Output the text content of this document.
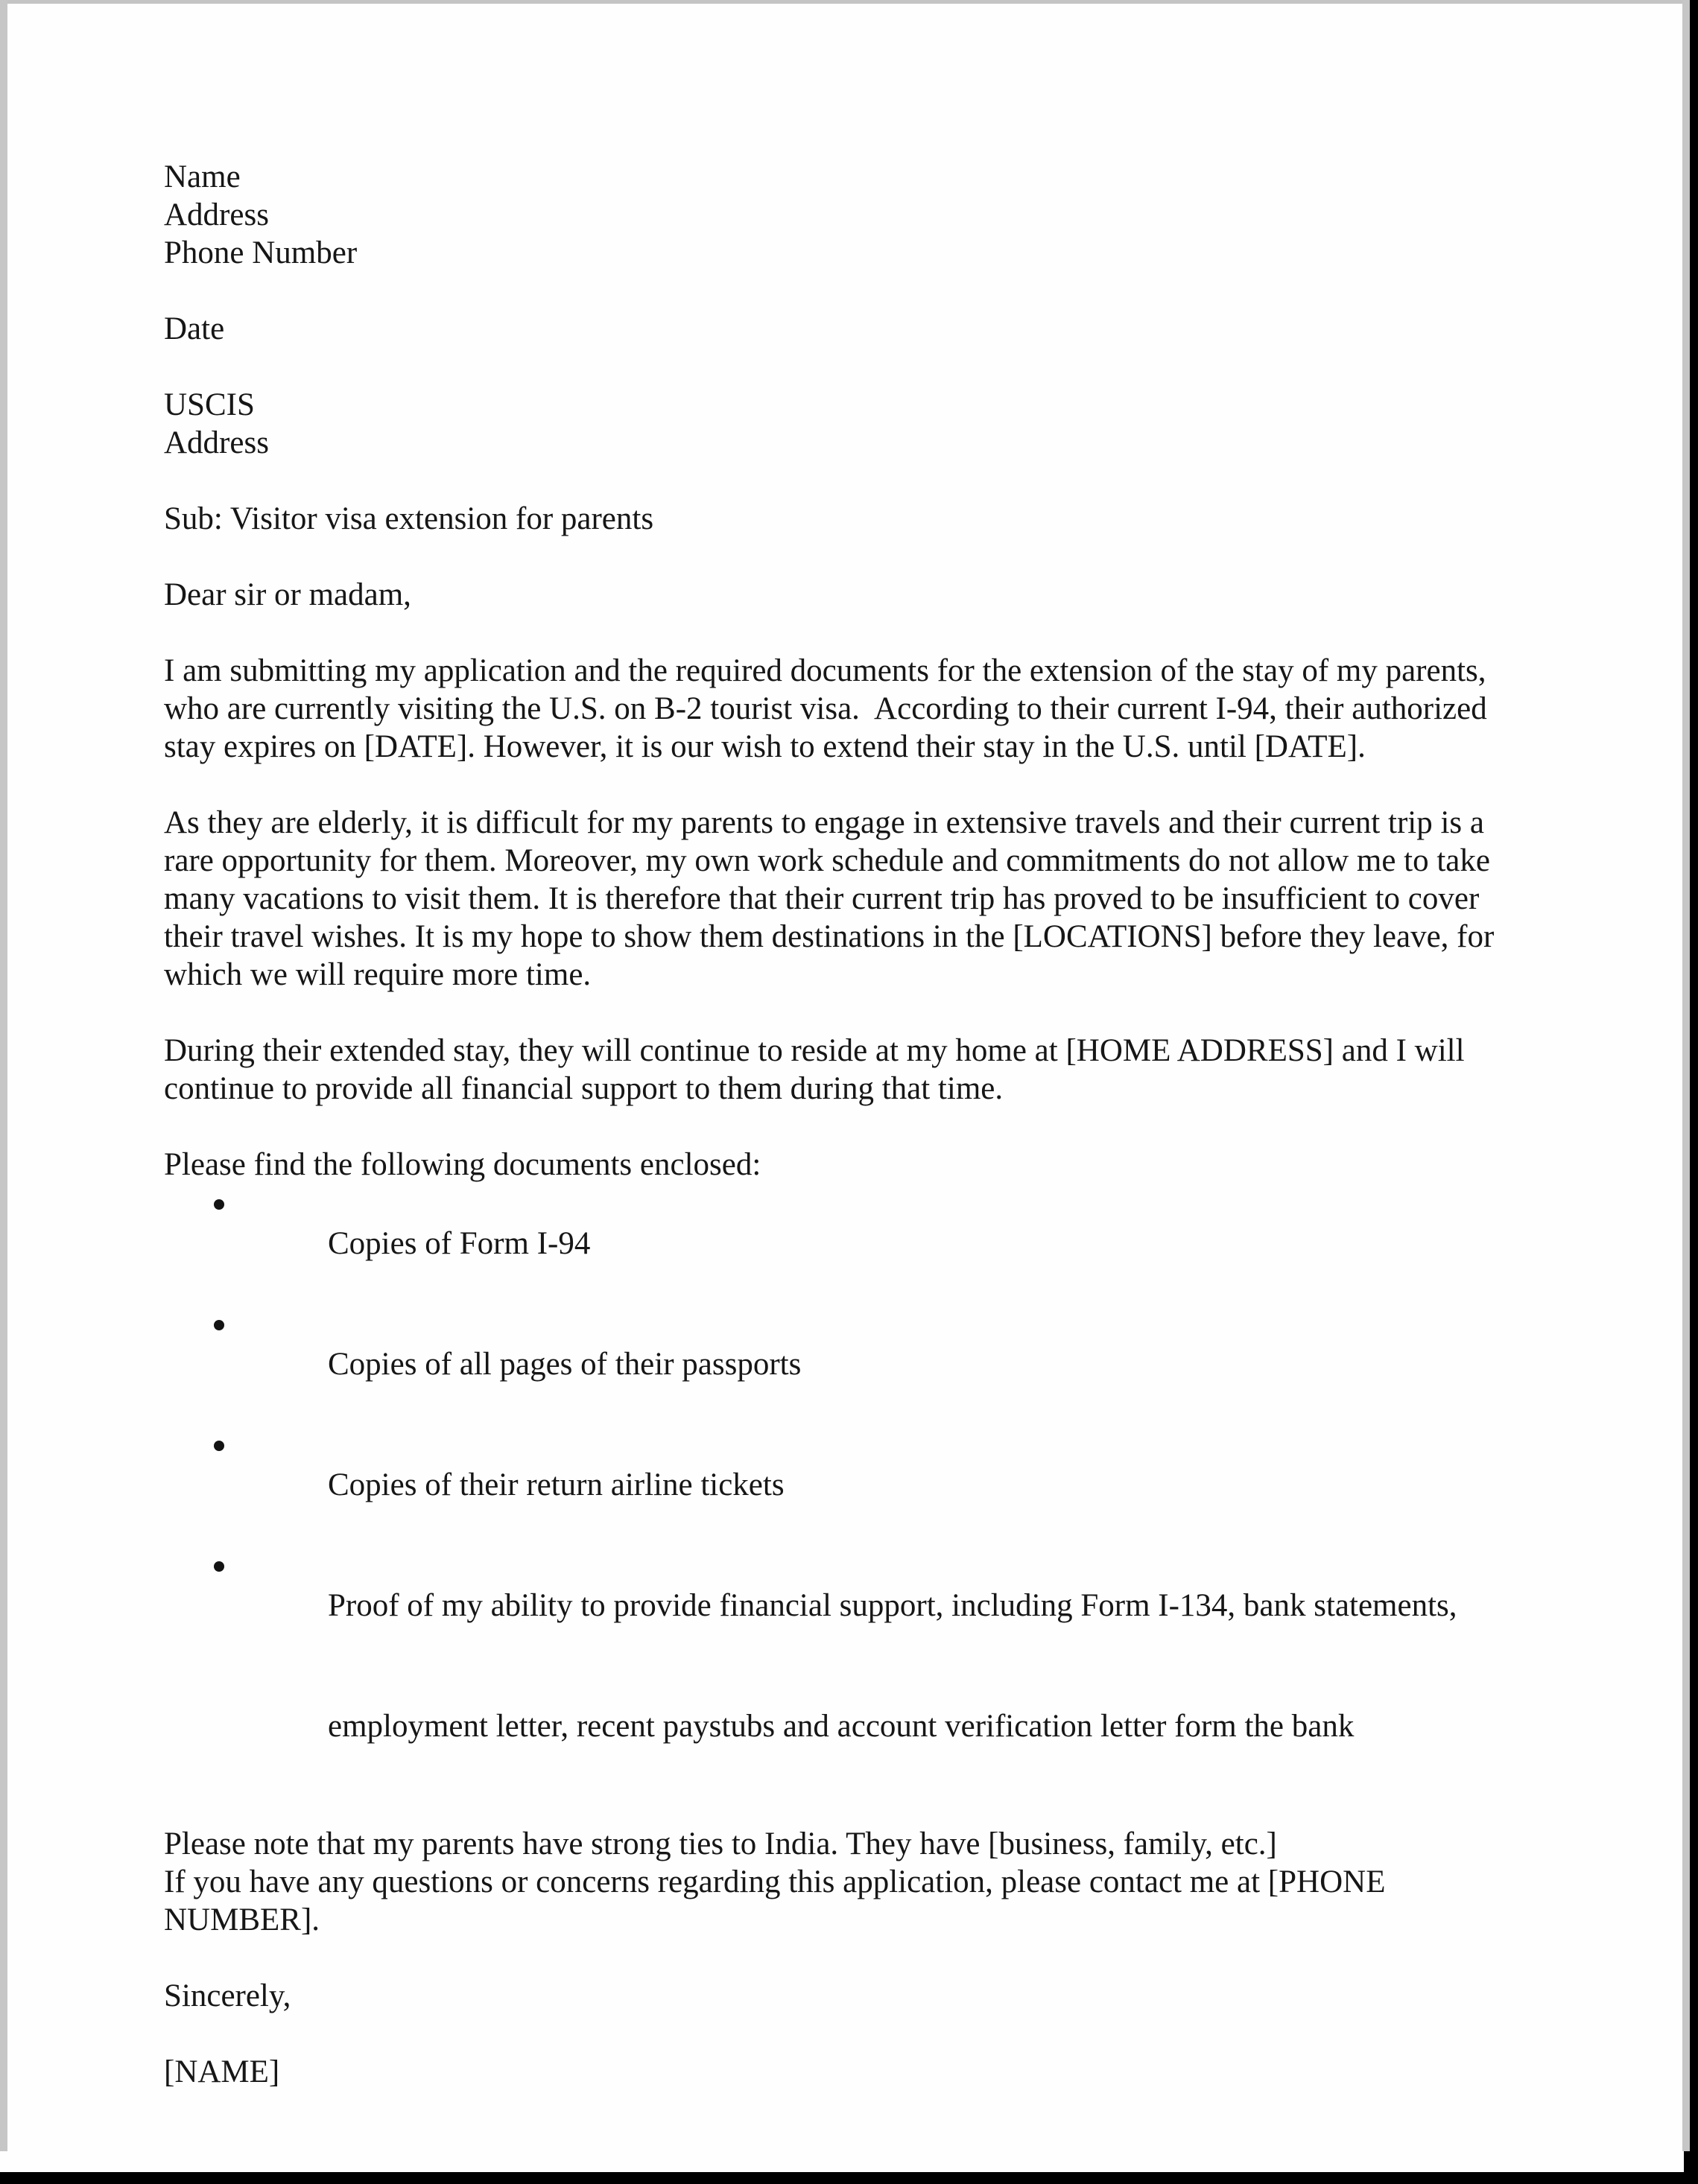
Name
Address
Phone Number
Date
USCIS
Address
Sub: Visitor visa extension for parents
Dear sir or madam,
I am submitting my application and the required documents for the extension of the stay of my parents,
who are currently visiting the U.S. on B-2 tourist visa.  According to their current I-94, their authorized
stay expires on [DATE]. However, it is our wish to extend their stay in the U.S. until [DATE].
As they are elderly, it is difficult for my parents to engage in extensive travels and their current trip is a
rare opportunity for them. Moreover, my own work schedule and commitments do not allow me to take
many vacations to visit them. It is therefore that their current trip has proved to be insufficient to cover
their travel wishes. It is my hope to show them destinations in the [LOCATIONS] before they leave, for
which we will require more time.
During their extended stay, they will continue to reside at my home at [HOME ADDRESS] and I will
continue to provide all financial support to them during that time.
Please find the following documents enclosed:

Copies of Form I-94

Copies of all pages of their passports

Copies of their return airline tickets

Proof of my ability to provide financial support, including Form I-134, bank statements,

employment letter, recent paystubs and account verification letter form the bank

Please note that my parents have strong ties to India. They have [business, family, etc.]
If you have any questions or concerns regarding this application, please contact me at [PHONE
NUMBER].
Sincerely,
[NAME]
